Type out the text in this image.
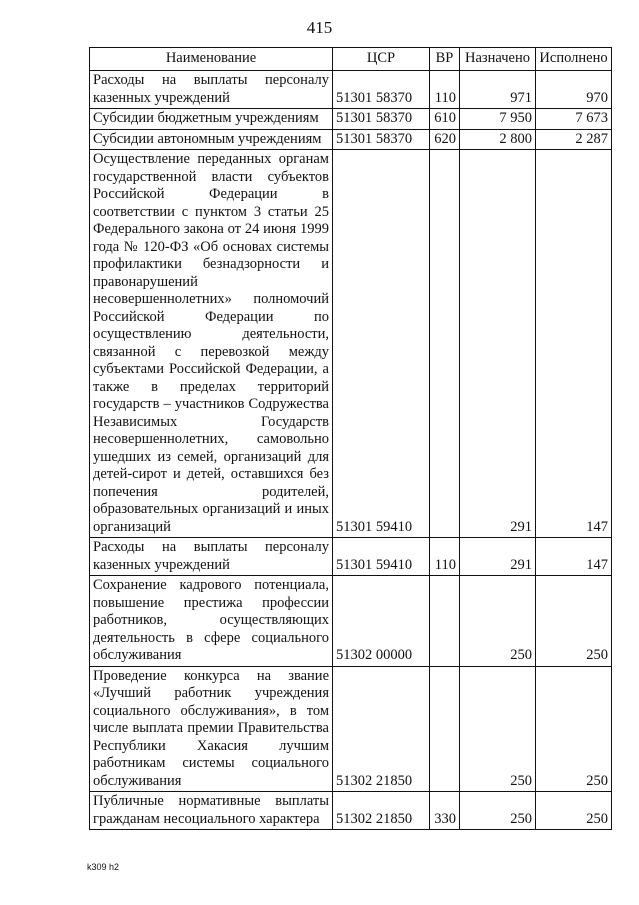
415
Наименование	ЦСР	ВР	Назначено	Исполнено
Расходы на выплаты персоналу казенных учреждений	51301 58370	110	971	970
Субсидии бюджетным учреждениям	51301 58370	610	7 950	7 673
Субсидии автономным учреждениям	51301 58370	620	2 800	2 287
Осуществление переданных органам государственной власти субъектов Российской Федерации в соответствии с пунктом 3 статьи 25 Федерального закона от 24 июня 1999 года № 120-ФЗ «Об основах системы профилактики безнадзорности и правонарушений несовершеннолетних» полномочий Российской Федерации по осуществлению деятельности, связанной с перевозкой между субъектами Российской Федерации, а также в пределах территорий государств – участников Содружества Независимых Государств несовершеннолетних, самовольно ушедших из семей, организаций для детей-сирот и детей, оставшихся без попечения родителей, образовательных организаций и иных организаций	51301 59410		291	147
Расходы на выплаты персоналу казенных учреждений	51301 59410	110	291	147
Сохранение кадрового потенциала, повышение престижа профессии работников, осуществляющих деятельность в сфере социального обслуживания	51302 00000		250	250
Проведение конкурса на звание «Лучший работник учреждения социального обслуживания», в том числе выплата премии Правительства Республики Хакасия лучшим работникам системы социального обслуживания	51302 21850		250	250
Публичные нормативные выплаты гражданам несоциального характера	51302 21850	330	250	250
k309 h2
